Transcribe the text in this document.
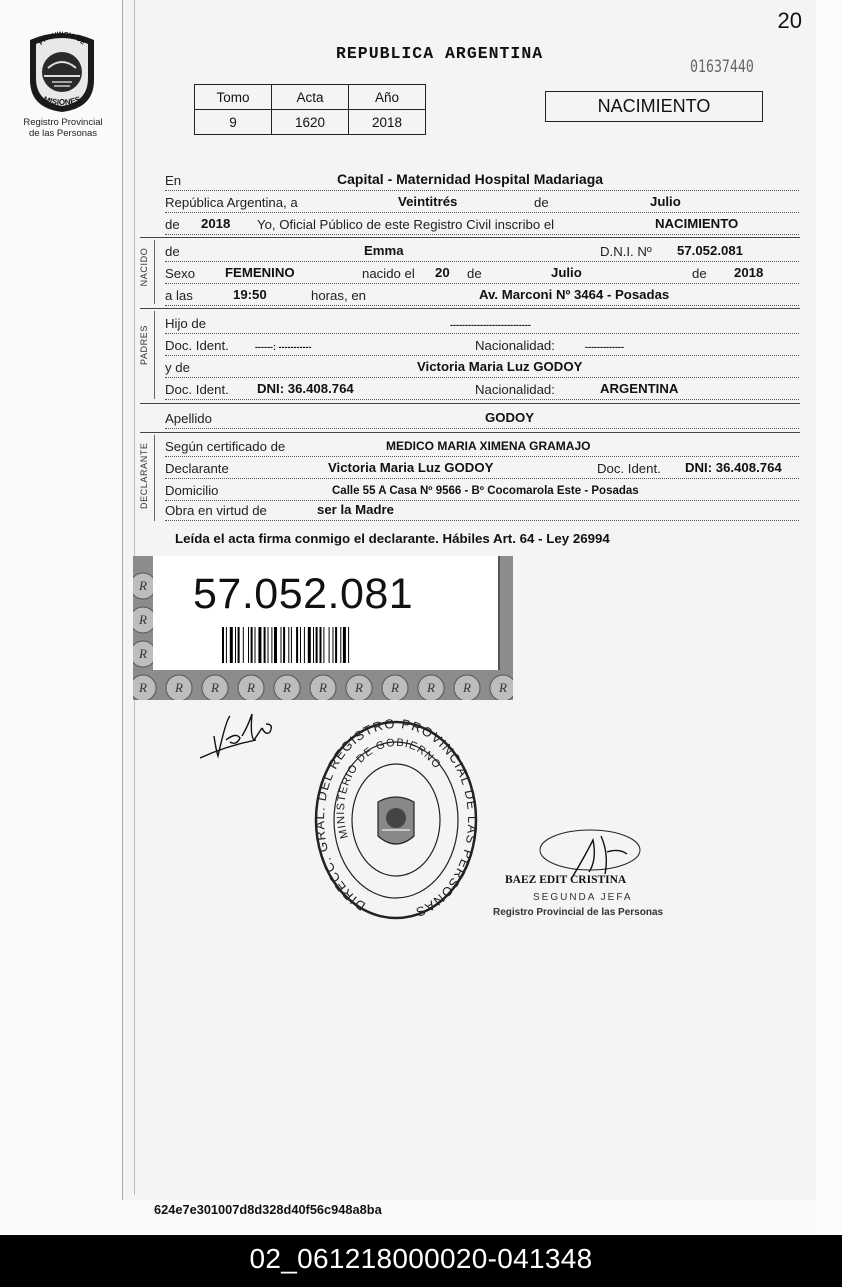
20
PROVINCIA DE
MISIONES
Registro Provincial
de las Personas
REPUBLICA ARGENTINA
01637440
Tomo	Acta	Año
9	1620	2018
NACIMIENTO
En	Capital - Maternidad Hospital Madariaga
República Argentina, a	Veintitrés	de	Julio
de 2018 Yo, Oficial Público de este Registro Civil inscribo el	NACIMIENTO
NACIDO de	Emma	D.N.I. Nº 57.052.081
Sexo FEMENINO	nacido el 20 de	Julio	de 2018
a las	19:50	horas, en	Av. Marconi Nº 3464 - Posadas
PADRES
Hijo de	---------------------------
Doc. Ident.	------: -----------	Nacionalidad:	-------------
y de	Victoria Maria Luz GODOY
Doc. Ident. DNI: 36.408.764	Nacionalidad:	ARGENTINA
Apellido	GODOY
DECLARANTE Según certificado de	MEDICO MARIA XIMENA GRAMAJO
Declarante	Victoria Maria Luz GODOY	Doc. Ident. DNI: 36.408.764
Domicilio	Calle 55 A Casa Nº 9566 - Bº Cocomarola Este - Posadas
Obra en virtud de	ser la Madre
Leída el acta firma conmigo el declarante. Hábiles Art. 64 - Ley 26994
R R R R R R R R R R R
R
R
R
57.052.081
DIRECC. GRAL. DEL REGISTRO PROVINCIAL DE LAS PERSONAS
MINISTERIO DE GOBIERNO
BAEZ EDIT CRISTINA
SEGUNDA JEFA
Registro Provincial de las Personas
624e7e301007d8d328d40f56c948a8ba
02_061218000020-041348
